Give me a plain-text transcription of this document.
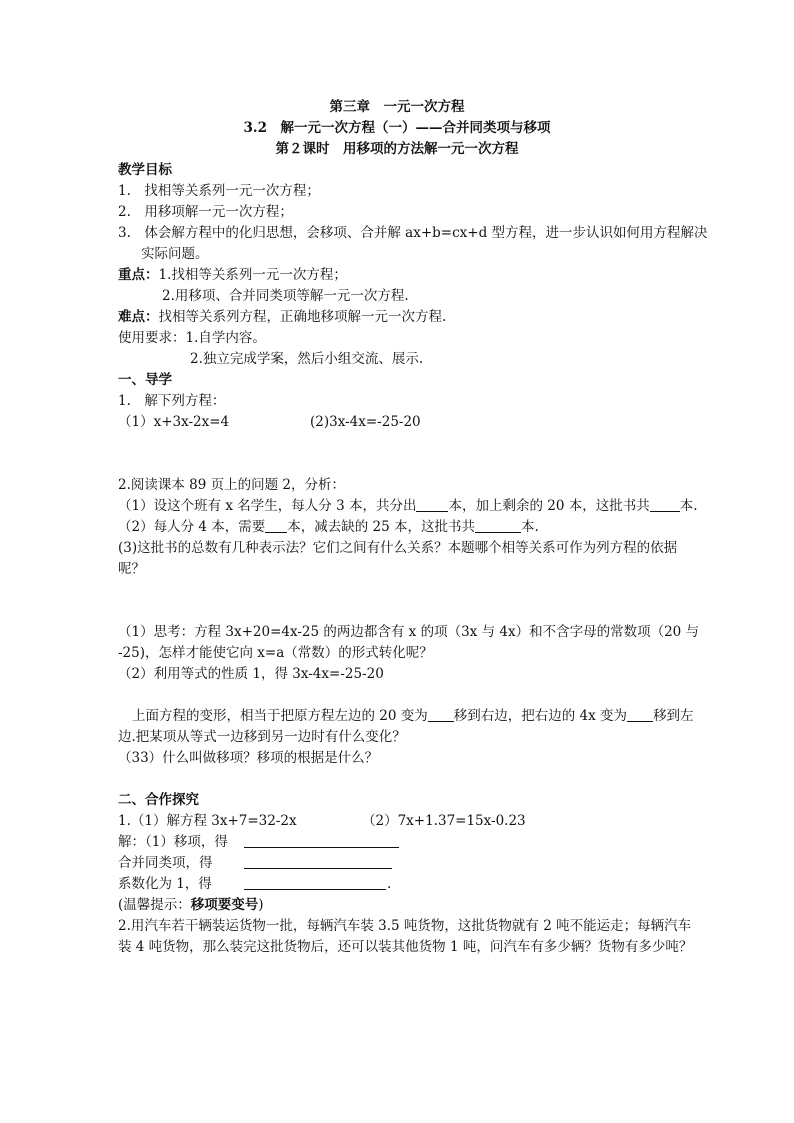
第三章　一元一次方程
3.2　解一元一次方程（一）——合并同类项与移项
第２课时　用移项的方法解一元一次方程
教学目标
1.　找相等关系列一元一次方程；
2.　用移项解一元一次方程；
3.　体会解方程中的化归思想，会移项、合并解 ax+b=cx+d 型方程，进一步认识如何用方程解决
实际问题。
重点：1.找相等关系列一元一次方程；
2.用移项、合并同类项等解一元一次方程.
难点：找相等关系列方程，正确地移项解一元一次方程.
使用要求：1.自学内容。
2.独立完成学案，然后小组交流、展示.
一、导学
1.　解下列方程：
（1）x+3x-2x=4	(2)3x-4x=-25-20
2.阅读课本 89 页上的问题 2，分析：
（1）设这个班有 x 名学生，每人分 3 本，共分出 本，加上剩余的 20 本，这批书共 本.
（2）每人分 4 本，需要 本，减去缺的 25 本，这批书共	本.
(3)这批书的总数有几种表示法？它们之间有什么关系？本题哪个相等关系可作为列方程的依据
呢？
（1）思考：方程 3x+20=4x-25 的两边都含有 x 的项（3x 与 4x）和不含字母的常数项（20 与
-25)，怎样才能使它向 x=a（常数）的形式转化呢？
（2）利用等式的性质 1，得 3x-4x=-25-20
上面方程的变形，相当于把原方程左边的 20 变为 移到右边，把右边的 4x 变为 移到左
边.把某项从等式一边移到另一边时有什么变化？
（33）什么叫做移项？移项的根据是什么？
二、合作探究
1.（1）解方程 3x+7=32-2x	（2）7x+1.37=15x-0.23
解：（1）移项，得
合并同类项，得
系数化为 1，得	.
(温馨提示：移项要变号)
2.用汽车若干辆装运货物一批，每辆汽车装 3.5 吨货物，这批货物就有 2 吨不能运走；每辆汽车
装 4 吨货物，那么装完这批货物后，还可以装其他货物 1 吨，问汽车有多少辆？货物有多少吨？
